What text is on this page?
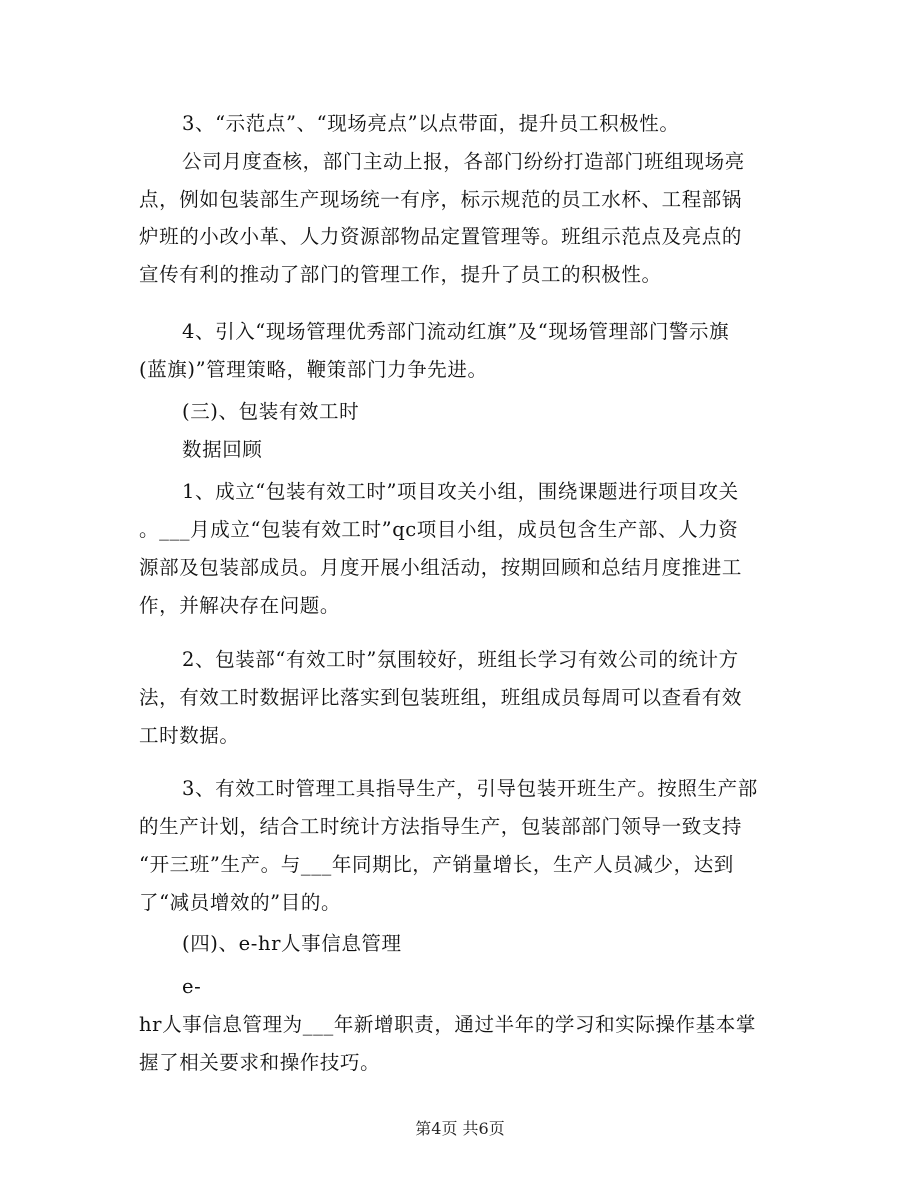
3、“示范点”、“现场亮点”以点带面，提升员工积极性。
公司月度查核，部门主动上报，各部门纷纷打造部门班组现场亮
点，例如包装部生产现场统一有序，标示规范的员工水杯、工程部锅
炉班的小改小革、人力资源部物品定置管理等。班组示范点及亮点的
宣传有利的推动了部门的管理工作，提升了员工的积极性。
4、引入“现场管理优秀部门流动红旗”及“现场管理部门警示旗
(蓝旗)”管理策略，鞭策部门力争先进。
(三)、包装有效工时
数据回顾
1、成立“包装有效工时”项目攻关小组，围绕课题进行项目攻关
。___月成立“包装有效工时”qc项目小组，成员包含生产部、人力资
源部及包装部成员。月度开展小组活动，按期回顾和总结月度推进工
作，并解决存在问题。
2、包装部“有效工时”氛围较好，班组长学习有效公司的统计方
法，有效工时数据评比落实到包装班组，班组成员每周可以查看有效
工时数据。
3、有效工时管理工具指导生产，引导包装开班生产。按照生产部
的生产计划，结合工时统计方法指导生产，包装部部门领导一致支持
“开三班”生产。与___年同期比，产销量增长，生产人员减少，达到
了“减员增效的”目的。
(四)、e-hr人事信息管理
e-
hr人事信息管理为___年新增职责，通过半年的学习和实际操作基本掌
握了相关要求和操作技巧。
第4页 共6页
